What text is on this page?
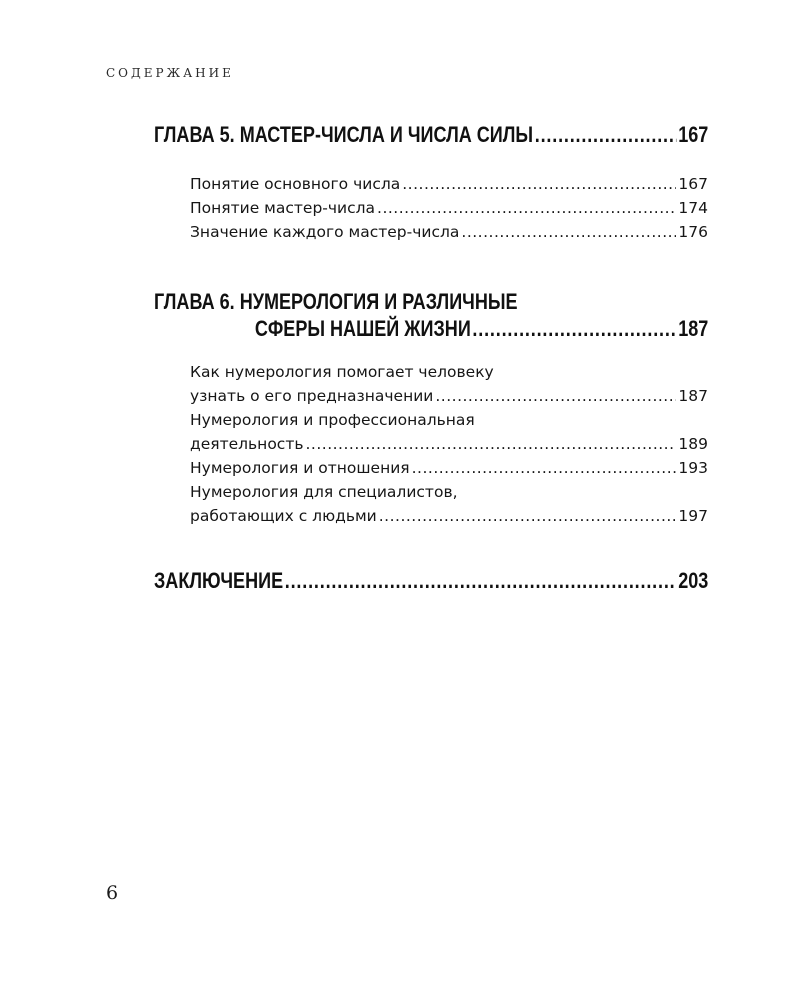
СОДЕРЖАНИЕ
ГЛАВА 5. МАСТЕР-ЧИСЛА И ЧИСЛА СИЛЫ .....	167
Понятие основного числа .....	167
Понятие мастер-числа .....	174
Значение каждого мастер-числа .....	176
ГЛАВА 6. НУМЕРОЛОГИЯ И РАЗЛИЧНЫЕ
СФЕРЫ НАШЕЙ ЖИЗНИ .....	187
Как нумерология помогает человеку
узнать о его предназначении .....	187
Нумерология и профессиональная
деятельность .....	189
Нумерология и отношения .....	193
Нумерология для специалистов,
работающих с людьми .....	197
ЗАКЛЮЧЕНИЕ .....	203
6
